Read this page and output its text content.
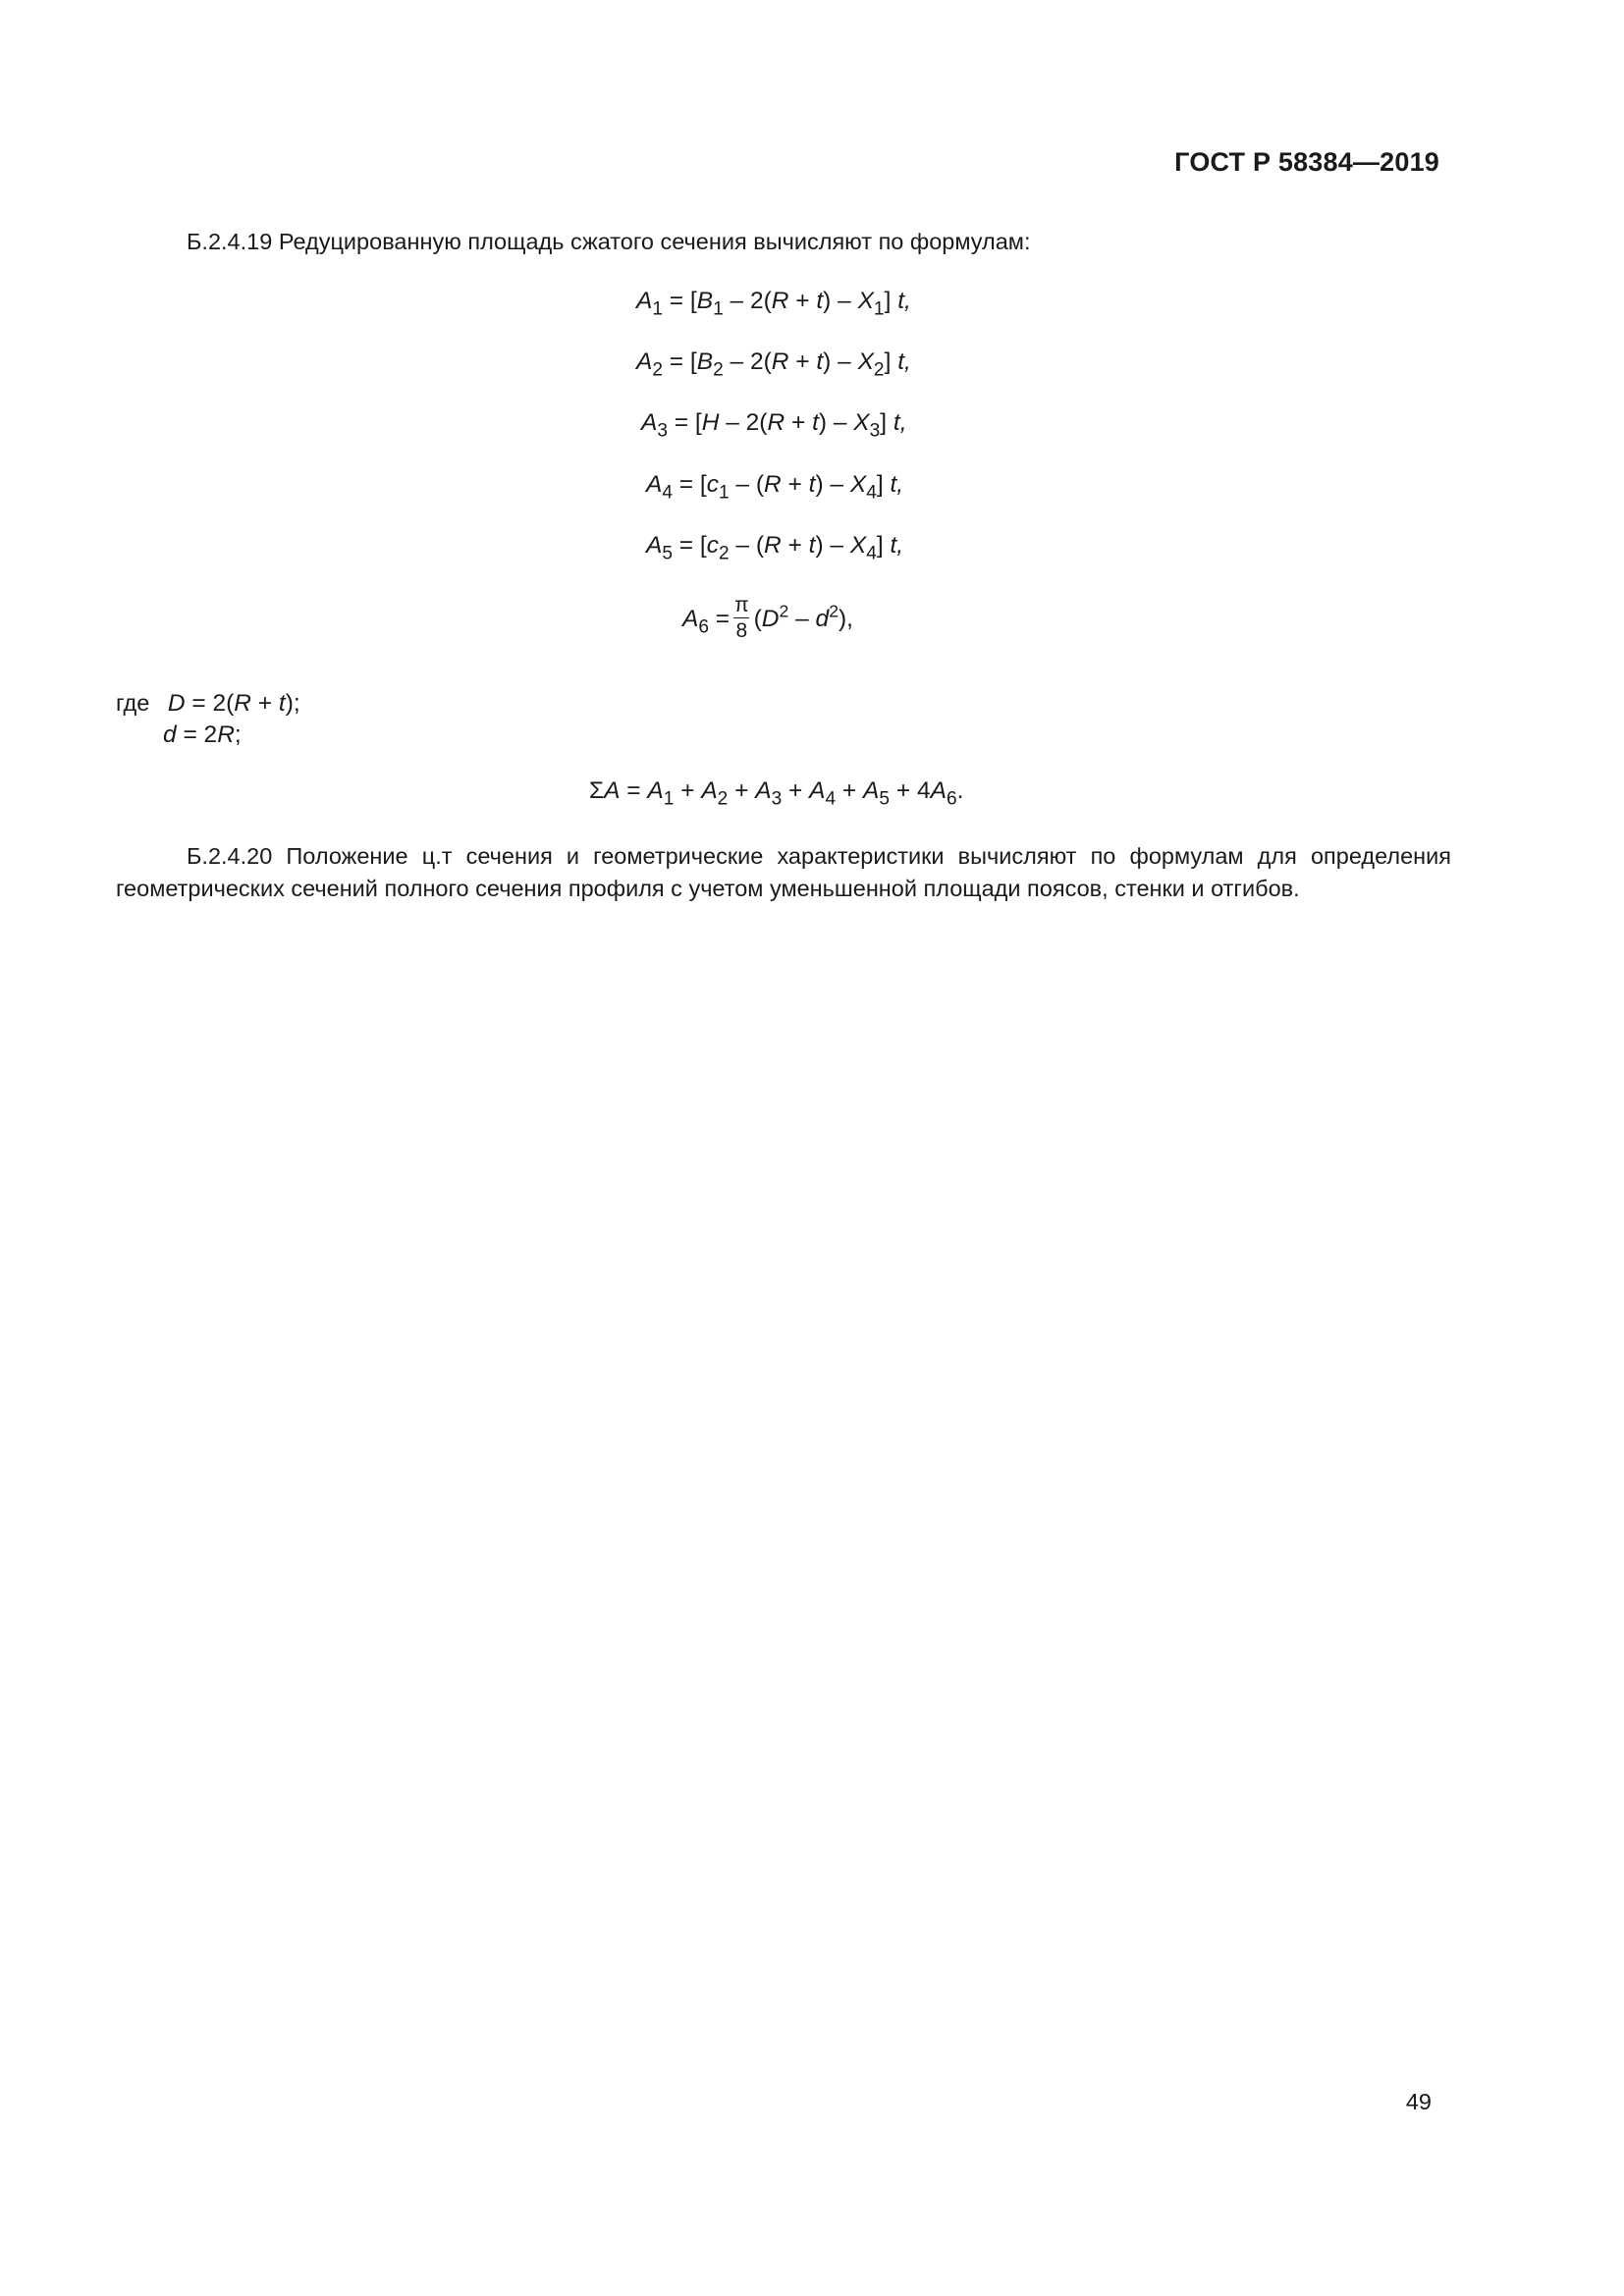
ГОСТ Р 58384—2019

Б.2.4.19 Редуцированную площадь сжатого сечения вычисляют по формулам:

$A_1 = [B_1 - 2(R + t) - X_1]$ t,
$A_2 = [B_2 - 2(R + t) - X_2]$ t,
$A_3 = [H - 2(R + t) - X_3]$ t,
$A_4 = [c_1 - (R + t) - X_4]$ t,
$A_5 = [c_2 - (R + t) - X_4]$ t,
$A_6 = \frac{\pi}{8} (D^2 - d^2)$,
где D = 2(R + t);
d = 2R;
$\Sigma A = A_1 + A_2 + A_3 + A_4 + A_5 + 4A_6$.

Б.2.4.20 Положение ц.т сечения и геометрические характеристики вычисляют по формулам для определения геометрических сечений полного сечения профиля с учетом уменьшенной площади поясов, стенки и отгибов.

49
